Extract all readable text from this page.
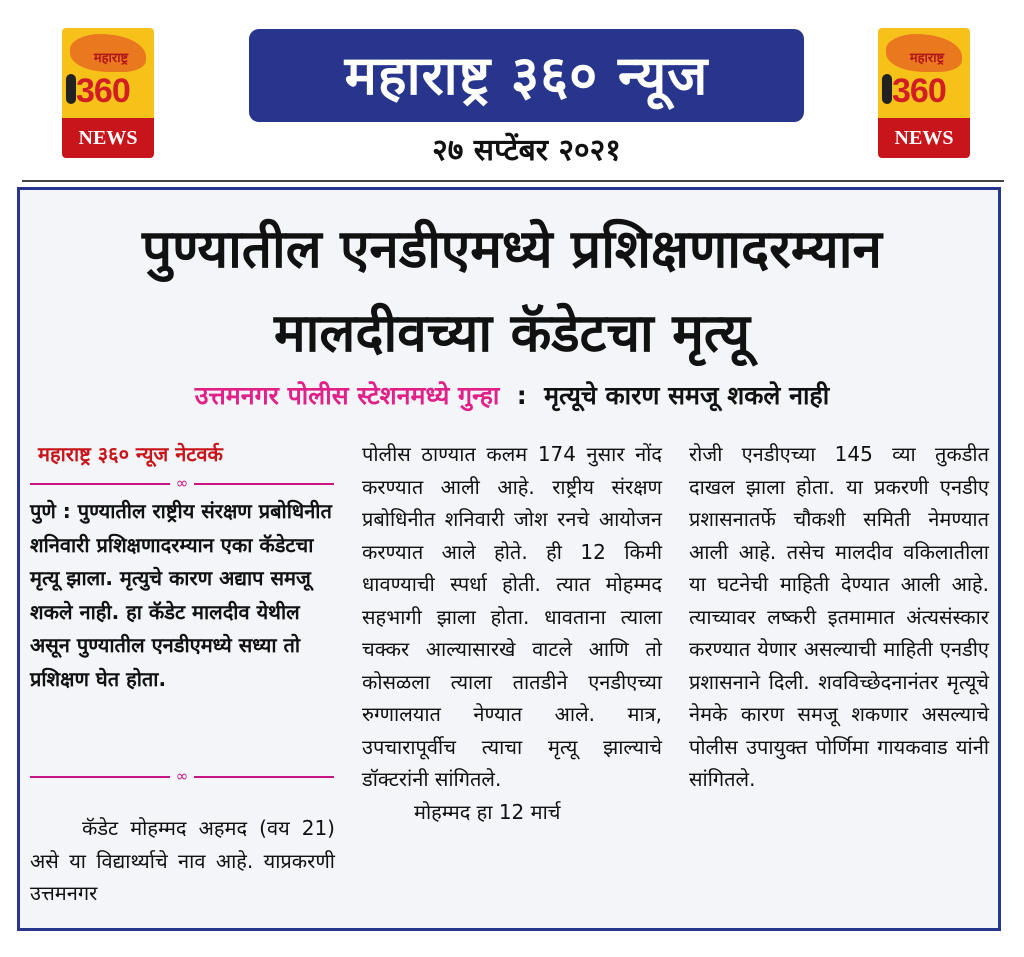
महाराष्ट्र
360
NEWS
महाराष्ट्र ३६० न्यूज
२७ सप्टेंबर २०२१
महाराष्ट्र
360
NEWS
पुण्यातील एनडीएमध्ये प्रशिक्षणादरम्यान
मालदीवच्या कॅडेटचा मृत्यू
उत्तमनगर पोलीस स्टेशनमध्ये गुन्हा  :  मृत्यूचे कारण समजू शकले नाही
महाराष्ट्र ३६० न्यूज नेटवर्क
∞
पुणे : पुण्यातील राष्ट्रीय संरक्षण प्रबोधिनीत शनिवारी प्रशिक्षणादरम्यान एका कॅडेटचा मृत्यू झाला. मृत्युचे कारण अद्याप समजू शकले नाही. हा कॅडेट मालदीव येथील असून पुण्यातील एनडीएमध्ये सध्या तो प्रशिक्षण घेत होता.
∞
कॅडेट मोहम्मद अहमद (वय 21) असे या विद्यार्थ्याचे नाव आहे. याप्रकरणी उत्तमनगर

पोलीस ठाण्यात कलम 174 नुसार नोंद करण्यात आली आहे. राष्ट्रीय संरक्षण प्रबोधिनीत शनिवारी जोश रनचे आयोजन करण्यात आले होते. ही 12 किमी धावण्याची स्पर्धा होती. त्यात मोहम्मद सहभागी झाला होता. धावताना त्याला चक्कर आल्यासारखे वाटले आणि तो कोसळला त्याला तातडीने एनडीएच्या रुग्णालयात नेण्यात आले. मात्र, उपचारापूर्वीच त्याचा मृत्यू झाल्याचे डॉक्टरांनी सांगितले.

मोहम्मद हा 12 मार्च

रोजी एनडीएच्या 145 व्या तुकडीत दाखल झाला होता. या प्रकरणी एनडीए प्रशासनातर्फे चौकशी समिती नेमण्यात आली आहे. तसेच मालदीव वकिलातीला या घटनेची माहिती देण्यात आली आहे. त्याच्यावर लष्करी इतमामात अंत्यसंस्कार करण्यात येणार असल्याची माहिती एनडीए प्रशासनाने दिली. शवविच्छेदनानंतर मृत्यूचे नेमके कारण समजू शकणार असल्याचे पोलीस उपायुक्त पोर्णिमा गायकवाड यांनी सांगितले.
